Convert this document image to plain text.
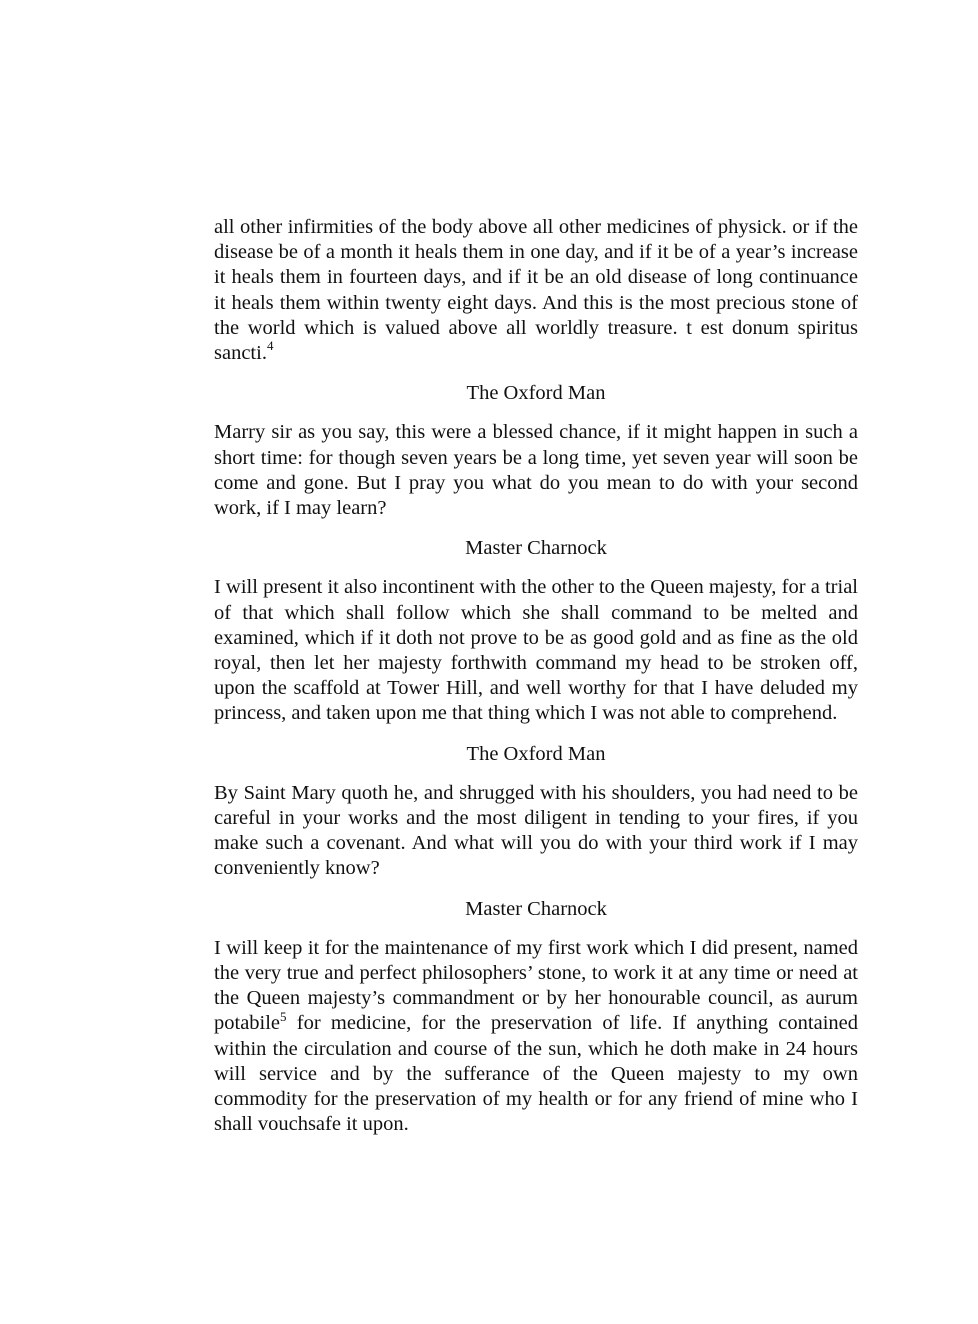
all other infirmities of the body above all other medicines of physick. or if the disease be of a month it heals them in one day, and if it be of a year’s increase it heals them in fourteen days, and if it be an old disease of long continuance it heals them within twenty eight days. And this is the most precious stone of the world which is valued above all worldly treasure. t est donum spiritus sancti.$^4$

The Oxford Man

Marry sir as you say, this were a blessed chance, if it might happen in such a short time: for though seven years be a long time, yet seven year will soon be come and gone. But I pray you what do you mean to do with your second work, if I may learn?

Master Charnock

I will present it also incontinent with the other to the Queen majesty, for a trial of that which shall follow which she shall command to be melted and examined, which if it doth not prove to be as good gold and as fine as the old royal, then let her majesty forthwith command my head to be stroken off, upon the scaffold at Tower Hill, and well worthy for that I have deluded my princess, and taken upon me that thing which I was not able to comprehend.

The Oxford Man

By Saint Mary quoth he, and shrugged with his shoulders, you had need to be careful in your works and the most diligent in tending to your fires, if you make such a covenant. And what will you do with your third work if I may conveniently know?

Master Charnock

I will keep it for the maintenance of my first work which I did present, named the very true and perfect philosophers’ stone, to work it at any time or need at the Queen majesty’s commandment or by her honourable council, as aurum potabile$^5$ for medicine, for the preservation of life. If anything contained within the circulation and course of the sun, which he doth make in 24 hours will service and by the sufferance of the Queen majesty to my own commodity for the preservation of my health or for any friend of mine who I shall vouchsafe it upon.
